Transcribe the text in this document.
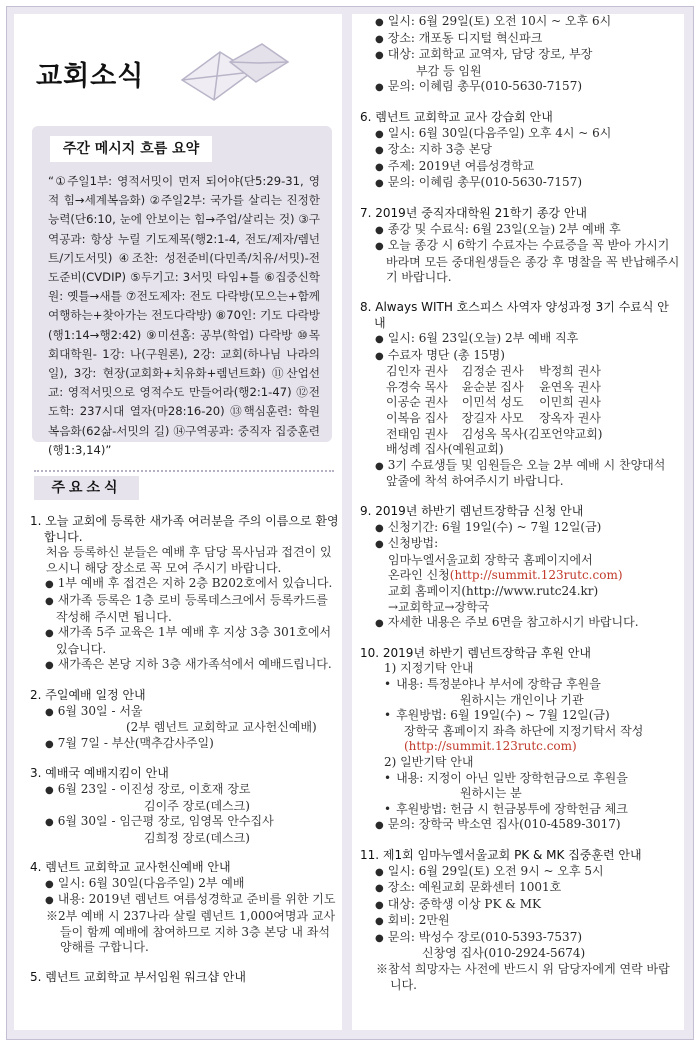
교회소식
주간 메시지 흐름 요약

“①주일1부: 영적서밋이 먼저 되어야(단5:29-31, 영적 힘→세계복음화) ②주일2부: 국가를 살리는 진정한 능력(단6:10, 눈에 안보이는 힘→주업/살리는 것) ③구역공과: 항상 누릴 기도제목(행2:1-4, 전도/제자/렘넌트/기도서밋) ④조찬: 성전준비(다민족/치유/서밋)-전도준비(CVDIP) ⑤두기고: 3서밋 타임+틀 ⑥집중신학원: 옛틀→새틀 ⑦전도제자: 전도 다락방(모으는+함께 여행하는+찾아가는 전도다락방) ⑧70인: 기도 다락방(행1:14→행2:42) ⑨미션홈: 공부(학업) 다락방 ⑩목회대학원- 1강: 나(구원론), 2강: 교회(하나님 나라의 일), 3강: 현장(교회화+치유화+렘넌트화) ⑪산업선교: 영적서밋으로 영적수도 만들어라(행2:1-47) ⑫전도학: 237시대 열자(마28:16-20) ⑬핵심훈련: 학원복음화(62삶-서밋의 길) ⑭구역공과: 중직자 집중훈련(행1:3,14)”

주요소식
1. 오늘 교회에 등록한 새가족 여러분을 주의 이름으로 환영합니다.
처음 등록하신 분들은 예배 후 담당 목사님과 접견이 있으시니 해당 장소로 꼭 모여 주시기 바랍니다.
● 1부 예배 후 접견은 지하 2층 B202호에서 있습니다.
● 새가족 등록은 1층 로비 등록데스크에서 등록카드를 작성해 주시면 됩니다.
● 새가족 5주 교육은 1부 예배 후 지상 3층 301호에서 있습니다.
● 새가족은 본당 지하 3층 새가족석에서 예배드립니다.
2. 주일예배 일정 안내
● 6월 30일 - 서울
(2부 렘넌트 교회학교 교사헌신예배)
● 7월 7일 - 부산(맥추감사주일)
3. 예배국 예배지킴이 안내
● 6월 23일 - 이진성 장로, 이호재 장로
김이주 장로(데스크)
● 6월 30일 - 임근평 장로, 임영목 안수집사
김희정 장로(데스크)
4. 렘넌트 교회학교 교사헌신예배 안내
● 일시: 6월 30일(다음주일) 2부 예배
● 내용: 2019년 렘넌트 여름성경학교 준비를 위한 기도
※2부 예배 시 237나라 살릴 렘넌트 1,000여명과 교사들이 함께 예배에 참여하므로 지하 3층 본당 내 좌석 양해를 구합니다.
5. 렘넌트 교회학교 부서임원 워크샵 안내
● 일시: 6월 29일(토) 오전 10시 ~ 오후 6시
● 장소: 개포동 디지털 혁신파크
● 대상: 교회학교 교역자, 담당 장로, 부장
부감 등 임원
● 문의: 이혜림 총무(010-5630-7157)
6. 렘넌트 교회학교 교사 강습회 안내
● 일시: 6월 30일(다음주일) 오후 4시 ~ 6시
● 장소: 지하 3층 본당
● 주제: 2019년 여름성경학교
● 문의: 이혜림 총무(010-5630-7157)
7. 2019년 중직자대학원 21학기 종강 안내
● 종강 및 수료식: 6월 23일(오늘) 2부 예배 후
● 오늘 종강 시 6학기 수료자는 수료증을 꼭 받아 가시기 바라며 모든 중대원생들은 종강 후 명찰을 꼭 반납해주시기 바랍니다.
8. Always WITH 호스피스 사역자 양성과정 3기 수료식 안내
● 일시: 6월 23일(오늘) 2부 예배 직후
● 수료자 명단 (총 15명)
김인자 권사 김정순 권사 박정희 권사
유경숙 목사 윤순분 집사 윤연옥 권사
이공순 권사 이민석 성도 이민희 권사
이복음 집사 장길자 사모 장옥자 권사
전태임 권사 김성옥 목사(김포언약교회)
배성례 집사(예원교회)
● 3기 수료생들 및 임원들은 오늘 2부 예배 시 찬양대석 앞줄에 착석 하여주시기 바랍니다.
9. 2019년 하반기 렘넌트장학금 신청 안내
● 신청기간: 6월 19일(수) ~ 7월 12일(금)
● 신청방법:
임마누엘서울교회 장학국 홈페이지에서
온라인 신청(http://summit.123rutc.com)
교회 홈페이지(http://www.rutc24.kr)
→교회학교→장학국
● 자세한 내용은 주보 6면을 참고하시기 바랍니다.
10. 2019년 하반기 렘넌트장학금 후원 안내
1) 지정기탁 안내
• 내용: 특정분야나 부서에 장학금 후원을
원하시는 개인이나 기관
• 후원방법: 6월 19일(수) ~ 7월 12일(금)
장학국 홈페이지 좌측 하단에 지정기탁서 작성
(http://summit.123rutc.com)
2) 일반기탁 안내
• 내용: 지정이 아닌 일반 장학헌금으로 후원을
원하시는 분
• 후원방법: 헌금 시 헌금봉투에 장학헌금 체크
● 문의: 장학국 박소연 집사(010-4589-3017)
11. 제1회 임마누엘서울교회 PK & MK 집중훈련 안내
● 일시: 6월 29일(토) 오전 9시 ~ 오후 5시
● 장소: 예원교회 문화센터 1001호
● 대상: 중학생 이상 PK & MK
● 회비: 2만원
● 문의: 박성수 장로(010-5393-7537)
신창영 집사(010-2924-5674)
※참석 희망자는 사전에 반드시 위 담당자에게 연락 바랍니다.
